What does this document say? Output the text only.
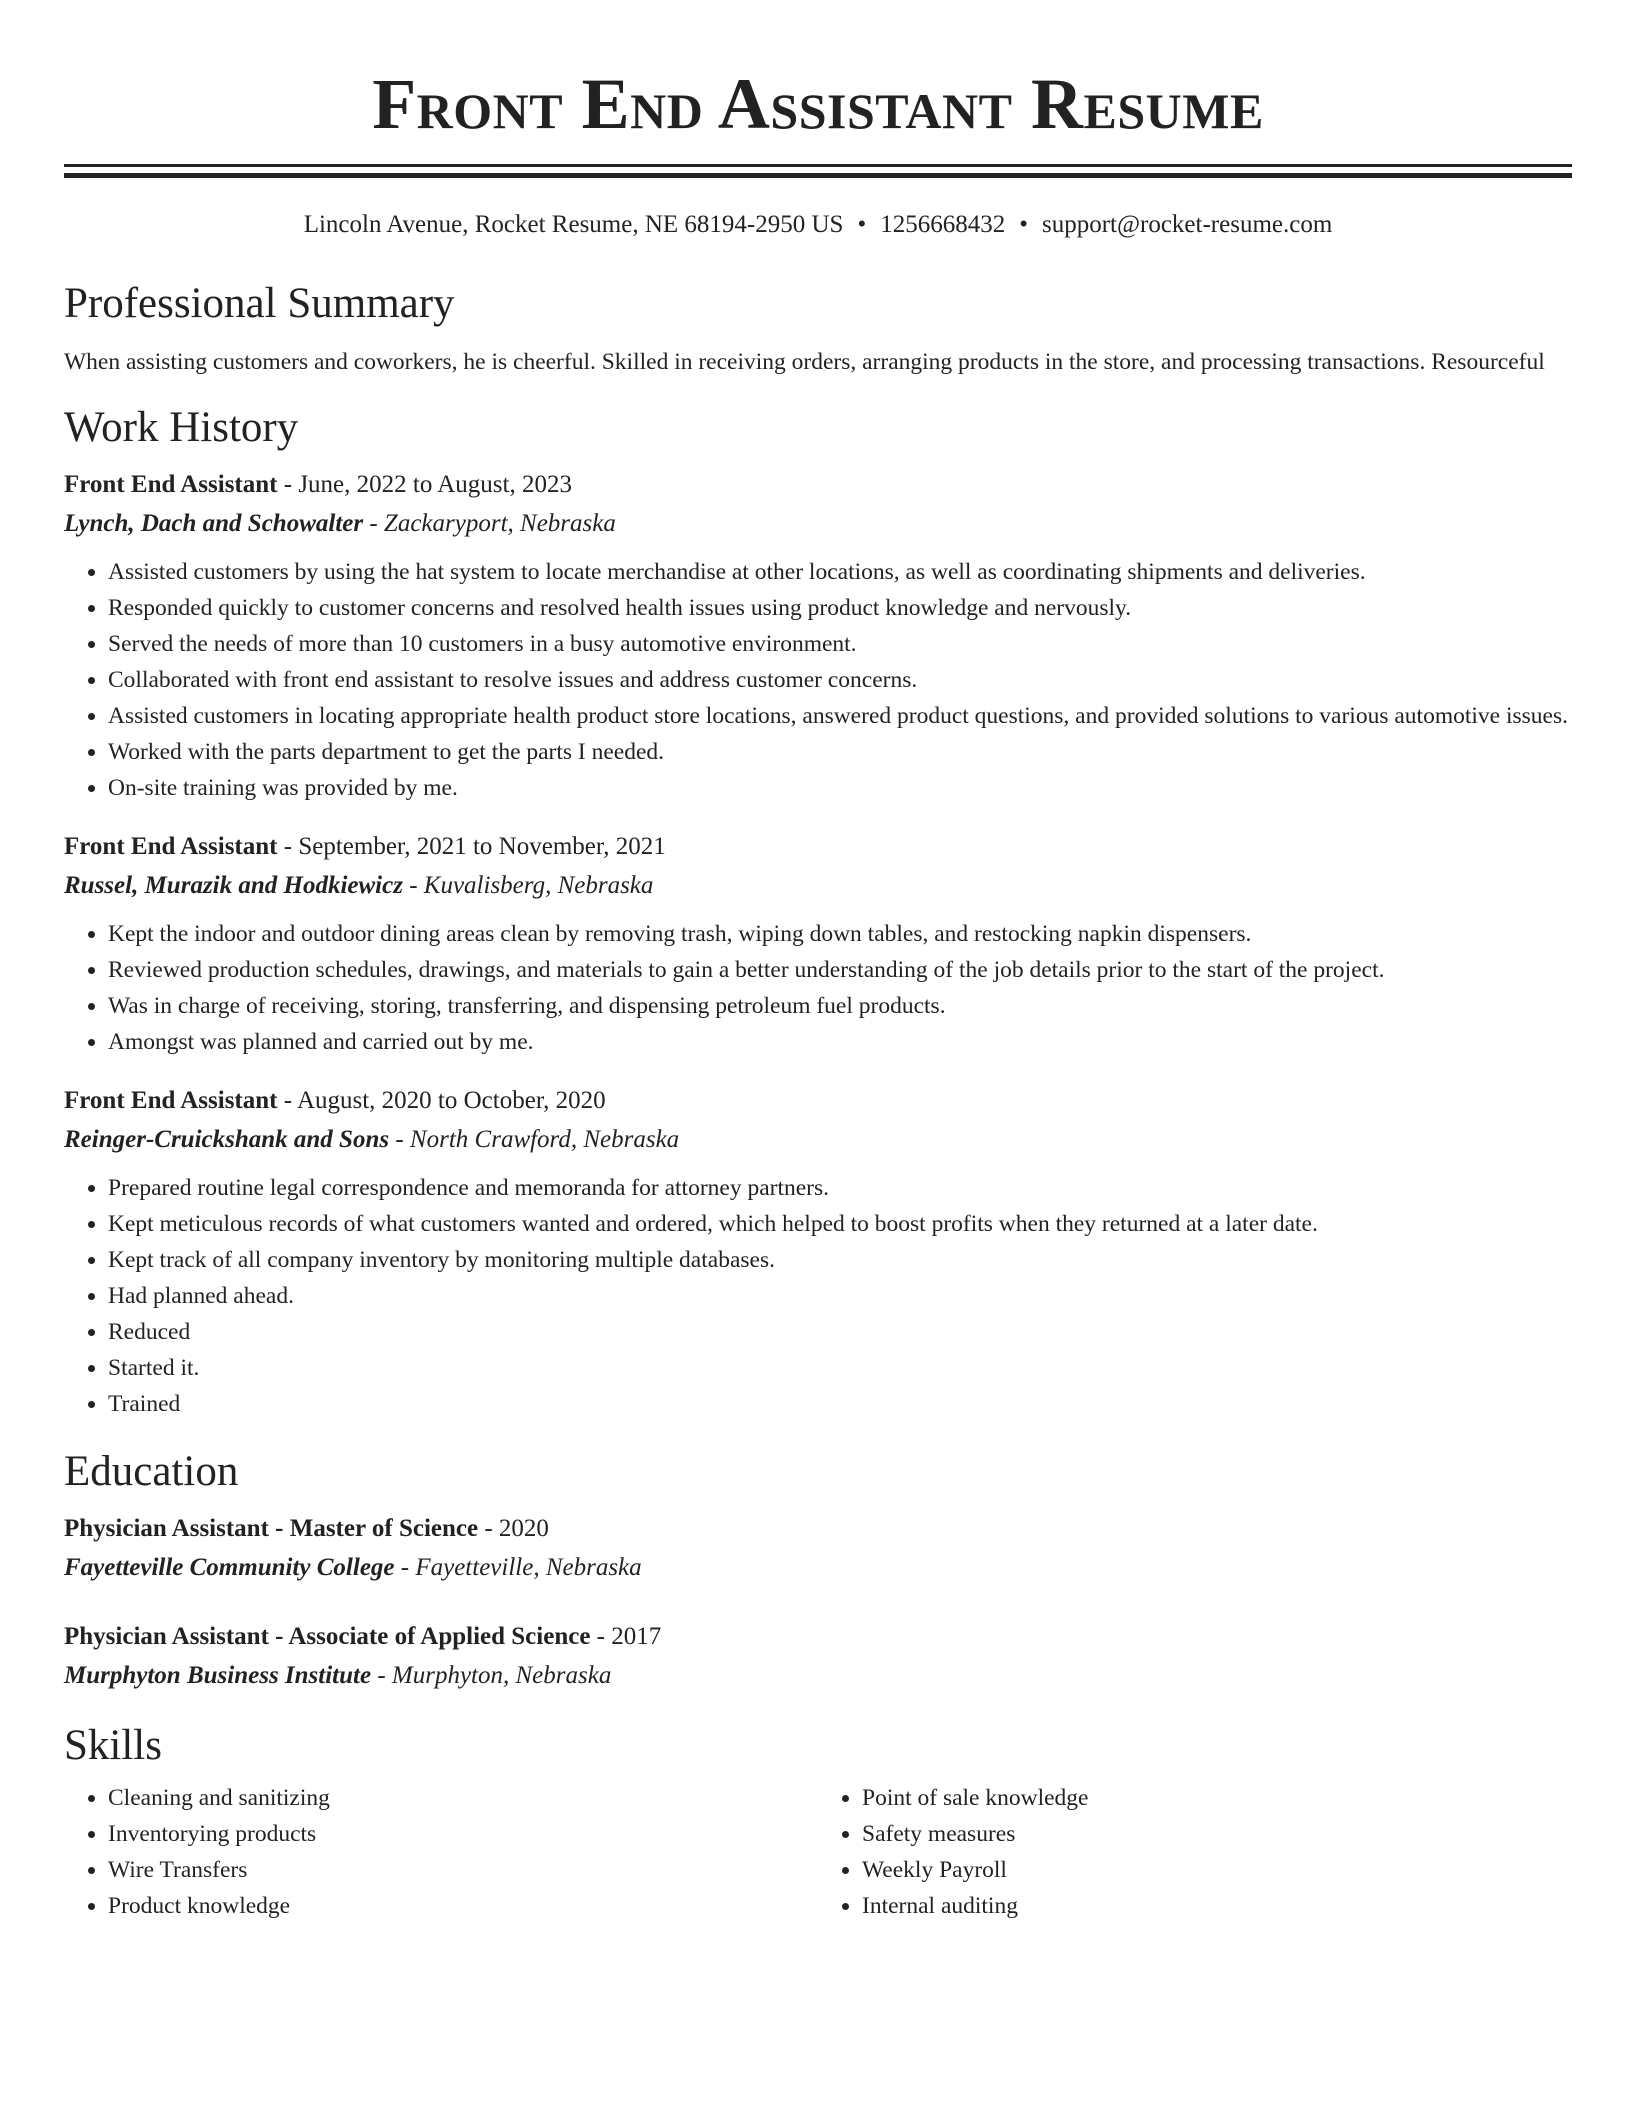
Front End Assistant Resume
Lincoln Avenue, Rocket Resume, NE 68194-2950 US • 1256668432 • support@rocket-resume.com
Professional Summary
When assisting customers and coworkers, he is cheerful. Skilled in receiving orders, arranging products in the store, and processing transactions. Resourceful
Work History
Front End Assistant - June, 2022 to August, 2023
Lynch, Dach and Schowalter - Zackaryport, Nebraska
• Assisted customers by using the hat system to locate merchandise at other locations, as well as coordinating shipments and deliveries.
• Responded quickly to customer concerns and resolved health issues using product knowledge and nervously.
• Served the needs of more than 10 customers in a busy automotive environment.
• Collaborated with front end assistant to resolve issues and address customer concerns.
• Assisted customers in locating appropriate health product store locations, answered product questions, and provided solutions to various automotive issues.
• Worked with the parts department to get the parts I needed.
• On-site training was provided by me.
Front End Assistant - September, 2021 to November, 2021
Russel, Murazik and Hodkiewicz - Kuvalisberg, Nebraska
• Kept the indoor and outdoor dining areas clean by removing trash, wiping down tables, and restocking napkin dispensers.
• Reviewed production schedules, drawings, and materials to gain a better understanding of the job details prior to the start of the project.
• Was in charge of receiving, storing, transferring, and dispensing petroleum fuel products.
• Amongst was planned and carried out by me.
Front End Assistant - August, 2020 to October, 2020
Reinger-Cruickshank and Sons - North Crawford, Nebraska
• Prepared routine legal correspondence and memoranda for attorney partners.
• Kept meticulous records of what customers wanted and ordered, which helped to boost profits when they returned at a later date.
• Kept track of all company inventory by monitoring multiple databases.
• Had planned ahead.
• Reduced
• Started it.
• Trained
Education
Physician Assistant - Master of Science - 2020
Fayetteville Community College - Fayetteville, Nebraska
Physician Assistant - Associate of Applied Science - 2017
Murphyton Business Institute - Murphyton, Nebraska
Skills
• Cleaning and sanitizing
• Inventorying products
• Wire Transfers
• Product knowledge
• Point of sale knowledge
• Safety measures
• Weekly Payroll
• Internal auditing
